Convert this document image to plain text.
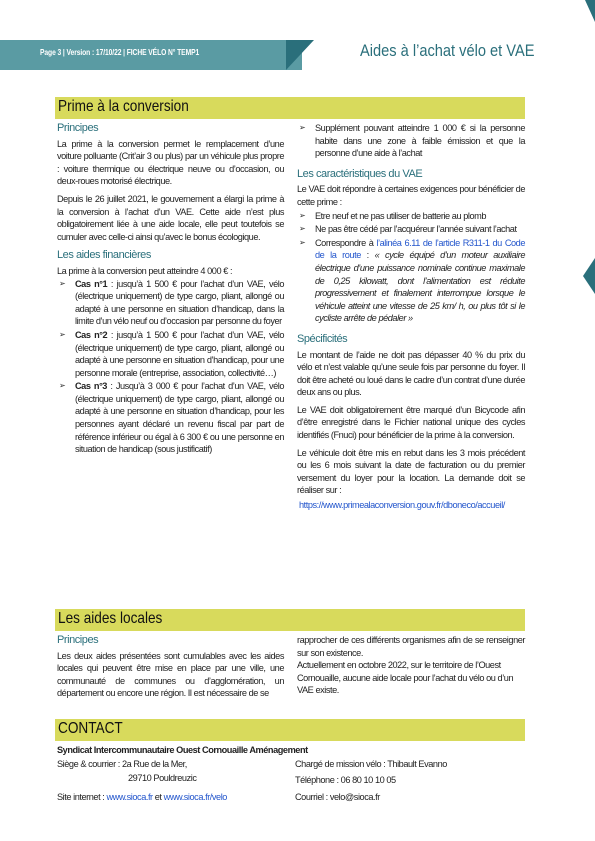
Page 3 | Version : 17/10/22 | FICHE VÉLO N° TEMP1	Aides à l’achat vélo et VAE
Prime à la conversion
Principes

La prime à la conversion permet le remplacement d’une voiture polluante (Crit’air 3 ou plus) par un véhicule plus propre : voiture thermique ou électrique neuve ou d’occasion, ou deux-roues motorisé électrique.

Depuis le 26 juillet 2021, le gouvernement a élargi la prime à la conversion à l’achat d’un VAE. Cette aide n’est plus obligatoirement liée à une aide locale, elle peut toutefois se cumuler avec celle-ci ainsi qu’avec le bonus écologique.

Les aides financières
La prime à la conversion peut atteindre 4 000 € :
➢ Cas n°1 : jusqu’à 1 500 € pour l’achat d’un VAE, vélo (électrique uniquement) de type cargo, pliant, allongé ou adapté à une personne en situation d’handicap, dans la limite d’un vélo neuf ou d’occasion par personne du foyer
➢ Cas n°2 : jusqu’à 1 500 € pour l’achat d’un VAE, vélo (électrique uniquement) de type cargo, pliant, allongé ou adapté à une personne en situation d’handicap, pour une personne morale (entreprise, association, collectivité…)
➢ Cas n°3 : Jusqu’à 3 000 € pour l’achat d’un VAE, vélo (électrique uniquement) de type cargo, pliant, allongé ou adapté à une personne en situation d’handicap, pour les personnes ayant déclaré un revenu fiscal par part de référence inférieur ou égal à 6 300 € ou une personne en situation de handicap (sous justificatif)
➢ Supplément pouvant atteindre 1 000 € si la personne habite dans une zone à faible émission et que la personne d’une aide à l’achat
Les caractéristiques du VAE

Le VAE doit répondre à certaines exigences pour bénéficier de cette prime :

➢ Etre neuf et ne pas utiliser de batterie au plomb
➢ Ne pas être cédé par l’acquéreur l’année suivant l’achat
➢ Correspondre à l’alinéa 6.11 de l’article R311-1 du Code de la route : « cycle équipé d’un moteur auxiliaire électrique d’une puissance nominale continue maximale de 0,25 kilowatt, dont l’alimentation est réduite progressivement et finalement interrompue lorsque le véhicule atteint une vitesse de 25 km/ h, ou plus tôt si le cycliste arrête de pédaler »
Spécificités

Le montant de l’aide ne doit pas dépasser 40 % du prix du vélo et n’est valable qu’une seule fois par personne du foyer. Il doit être acheté ou loué dans le cadre d’un contrat d’une durée deux ans ou plus.

Le VAE doit obligatoirement être marqué d’un Bicycode afin d’être enregistré dans le Fichier national unique des cycles identifiés (Fnuci) pour bénéficier de la prime à la conversion.

Le véhicule doit être mis en rebut dans les 3 mois précédent ou les 6 mois suivant la date de facturation ou du premier versement du loyer pour la location. La demande doit se réaliser sur :

https://www.primealaconversion.gouv.fr/dboneco/accueil/
Les aides locales
Principes

Les deux aides présentées sont cumulables avec les aides locales qui peuvent être mise en place par une ville, une communauté de communes ou d’agglomération, un département ou encore une région. Il est nécessaire de se

rapprocher de ces différents organismes afin de se renseigner sur son existence.

Actuellement en octobre 2022, sur le territoire de l’Ouest Cornouaille, aucune aide locale pour l’achat du vélo ou d’un VAE existe.

CONTACT
Syndicat Intercommunautaire Ouest Cornouaille Aménagement
Siège & courrier : 2a Rue de la Mer,
29710 Pouldreuzic
Site internet : www.sioca.fr et www.sioca.fr/velo
Chargé de mission vélo : Thibault Evanno
Téléphone : 06 80 10 10 05
Courriel : velo@sioca.fr
